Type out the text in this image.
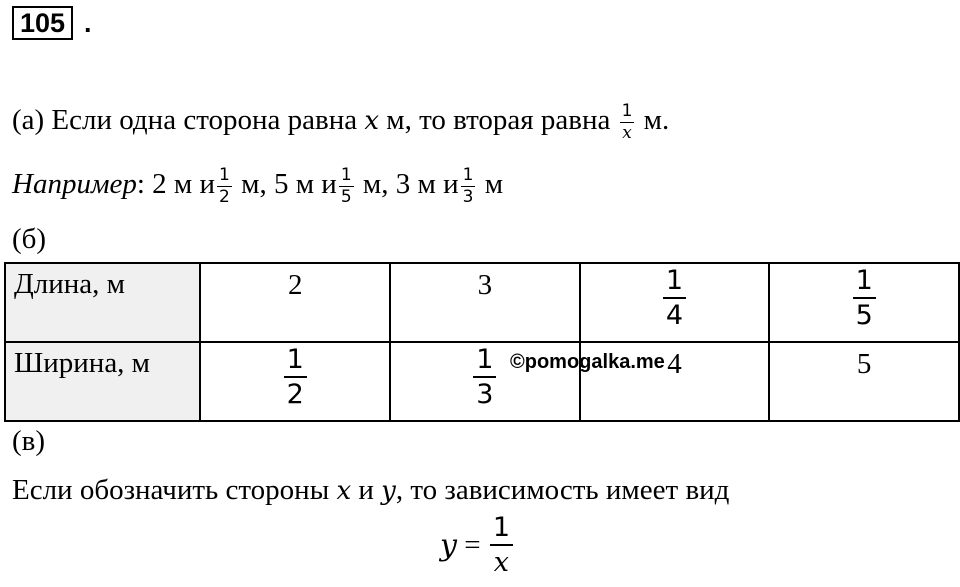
105 .
(а) Если одна сторона равна x м, то вторая равна $\frac{1}{x} м$.
Например: 2 м и $\frac{1}{2} м$, 5 м и $\frac{1}{5} м$, 3 м и $\frac{1}{3}$ м
(б)
Длина, м	2	3	$\frac{1}{4}$	$\frac{1}{5}$

Ширина, м	$\frac{1}{2}$	$\frac{1}{3}$	4	5
©pomogalka.me
(в)
Если обозначить стороны x и y, то зависимость имеет вид
$y = \frac{1}{x}$
